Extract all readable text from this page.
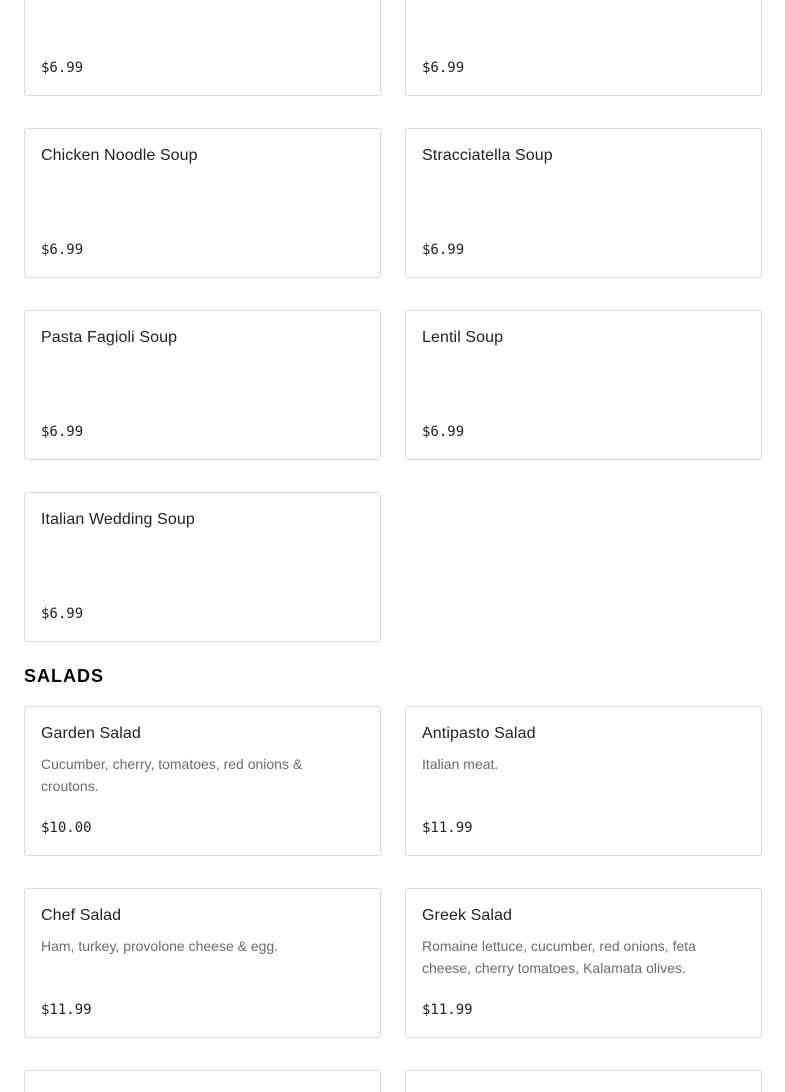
$6.99	$6.99
Chicken Noodle Soup
$6.99
Stracciatella Soup
$6.99
Pasta Fagioli Soup
$6.99
Lentil Soup
$6.99
Italian Wedding Soup
$6.99
SALADS
Garden Salad
Cucumber, cherry, tomatoes, red onions & croutons.
$10.00
Antipasto Salad
Italian meat.
$11.99
Chef Salad
Ham, turkey, provolone cheese & egg.
$11.99
Greek Salad
Romaine lettuce, cucumber, red onions, feta cheese, cherry tomatoes, Kalamata olives.
$11.99
